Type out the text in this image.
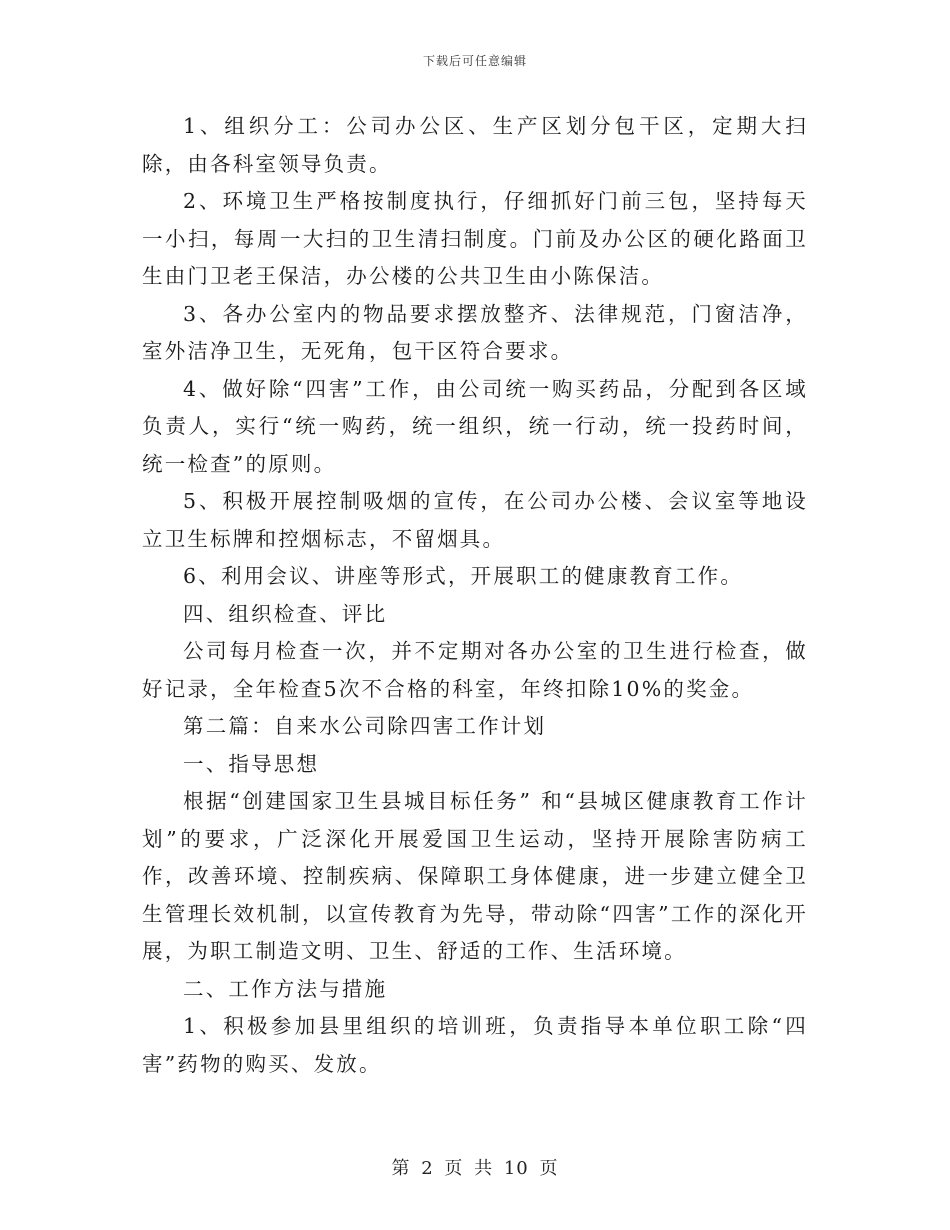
下载后可任意编辑

1、组织分工：公司办公区、生产区划分包干区，定期大扫除，由各科室领导负责。

2、环境卫生严格按制度执行，仔细抓好门前三包，坚持每天一小扫，每周一大扫的卫生清扫制度。门前及办公区的硬化路面卫生由门卫老王保洁，办公楼的公共卫生由小陈保洁。

3、各办公室内的物品要求摆放整齐、法律规范，门窗洁净，室外洁净卫生，无死角，包干区符合要求。

4、做好除“四害”工作，由公司统一购买药品，分配到各区域负责人，实行“统一购药，统一组织，统一行动，统一投药时间，统一检查”的原则。

5、积极开展控制吸烟的宣传，在公司办公楼、会议室等地设立卫生标牌和控烟标志，不留烟具。

6、利用会议、讲座等形式，开展职工的健康教育工作。

四、组织检查、评比

公司每月检查一次，并不定期对各办公室的卫生进行检查，做好记录，全年检查5次不合格的科室，年终扣除10%的奖金。

第二篇：自来水公司除四害工作计划

一、指导思想

根据“创建国家卫生县城目标任务” 和“县城区健康教育工作计划”的要求，广泛深化开展爱国卫生运动，坚持开展除害防病工作，改善环境、控制疾病、保障职工身体健康，进一步建立健全卫生管理长效机制，以宣传教育为先导，带动除“四害”工作的深化开展，为职工制造文明、卫生、舒适的工作、生活环境。

二、工作方法与措施

1、积极参加县里组织的培训班，负责指导本单位职工除“四害”药物的购买、发放。

第 2 页 共 10 页
